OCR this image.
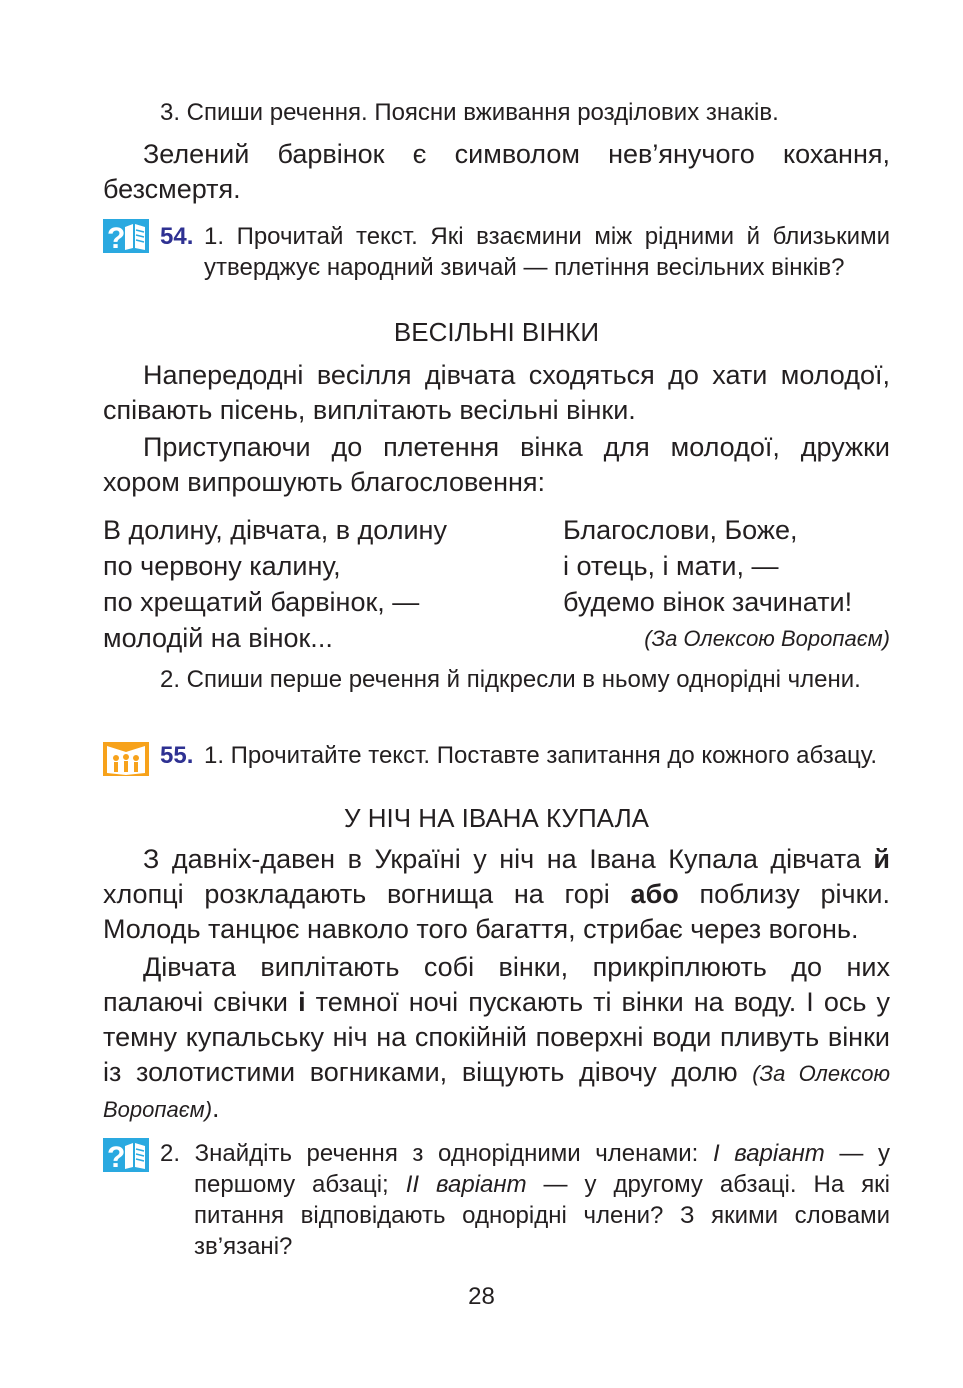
3. Спиши речення. Поясни вживання розділових знаків.

Зелений барвінок є символом нев’янучого кохання, безсмертя.

? 54. 1. Прочитай текст. Які взаємини між рідними й близькими утверджує народний звичай — плетіння весільних вінків?

ВЕСІЛЬНІ ВІНКИ

Напередодні весілля дівчата сходяться до хати молодої, співають пісень, виплітають весільні вінки.

Приступаючи до плетення вінка для молодої, дружки хором випрошують благословення:

В долину, дівчата, в долину
по червону калину,
по хрещатий барвінок, —
молодій на вінок...
Благослови, Боже,
і отець, і мати, —
будемо вінок зачинати!
(За Олексою Воропаєм)

2. Спиши перше речення й підкресли в ньому однорідні члени.

55. 1. Прочитайте текст. Поставте запитання до кожного абзацу.

У НІЧ НА ІВАНА КУПАЛА

З давніх-давен в Україні у ніч на Івана Купала дівчата й хлопці розкладають вогнища на горі або поблизу річки. Молодь танцює навколо того багаття, стрибає через вогонь.

Дівчата виплітають собі вінки, прикріплюють до них палаючі свічки і темної ночі пускають ті вінки на воду. І ось у темну купальську ніч на спокійній поверхні води пливуть вінки із золотистими вогниками, віщують дівочу долю (За Олексою Воропаєм).

? 2. Знайдіть речення з однорідними членами: І варіант — у першому абзаці; ІІ варіант — у другому абзаці. На які питання відповідають однорідні члени? З якими словами зв’язані?

28
